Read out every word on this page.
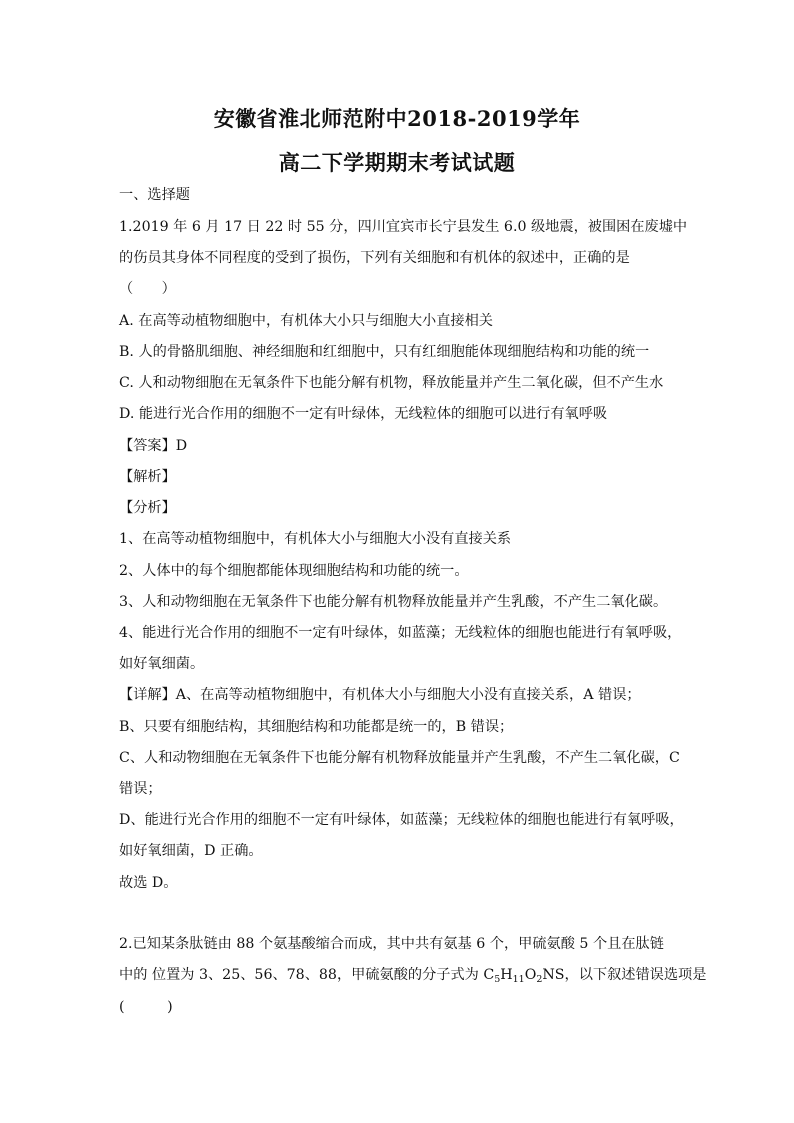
安徽省淮北师范附中2018-2019学年
高二下学期期末考试试题
一、选择题
1.2019 年 6 月 17 日 22 时 55 分，四川宜宾市长宁县发生 6.0 级地震，被围困在废墟中
的伤员其身体不同程度的受到了损伤，下列有关细胞和有机体的叙述中，正确的是
（　　）
A. 在高等动植物细胞中，有机体大小只与细胞大小直接相关
B. 人的骨骼肌细胞、神经细胞和红细胞中，只有红细胞能体现细胞结构和功能的统一
C. 人和动物细胞在无氧条件下也能分解有机物，释放能量并产生二氧化碳，但不产生水
D. 能进行光合作用的细胞不一定有叶绿体，无线粒体的细胞可以进行有氧呼吸
【答案】D
【解析】
【分析】
1、在高等动植物细胞中，有机体大小与细胞大小没有直接关系
2、人体中的每个细胞都能体现细胞结构和功能的统一。
3、人和动物细胞在无氧条件下也能分解有机物释放能量并产生乳酸，不产生二氧化碳。
4、能进行光合作用的细胞不一定有叶绿体，如蓝藻；无线粒体的细胞也能进行有氧呼吸，
如好氧细菌。
【详解】A、在高等动植物细胞中，有机体大小与细胞大小没有直接关系，A 错误；
B、只要有细胞结构，其细胞结构和功能都是统一的，B 错误；
C、人和动物细胞在无氧条件下也能分解有机物释放能量并产生乳酸，不产生二氧化碳，C
错误；
D、能进行光合作用的细胞不一定有叶绿体，如蓝藻；无线粒体的细胞也能进行有氧呼吸，
如好氧细菌，D 正确。
故选 D。
2.已知某条肽链由 88 个氨基酸缩合而成，其中共有氨基 6 个，甲硫氨酸 5 个且在肽链
中的 位置为 3、25、56、78、88，甲硫氨酸的分子式为 $C_5H_{11}O_2NS$，以下叙述错误选项是
(　　　)
